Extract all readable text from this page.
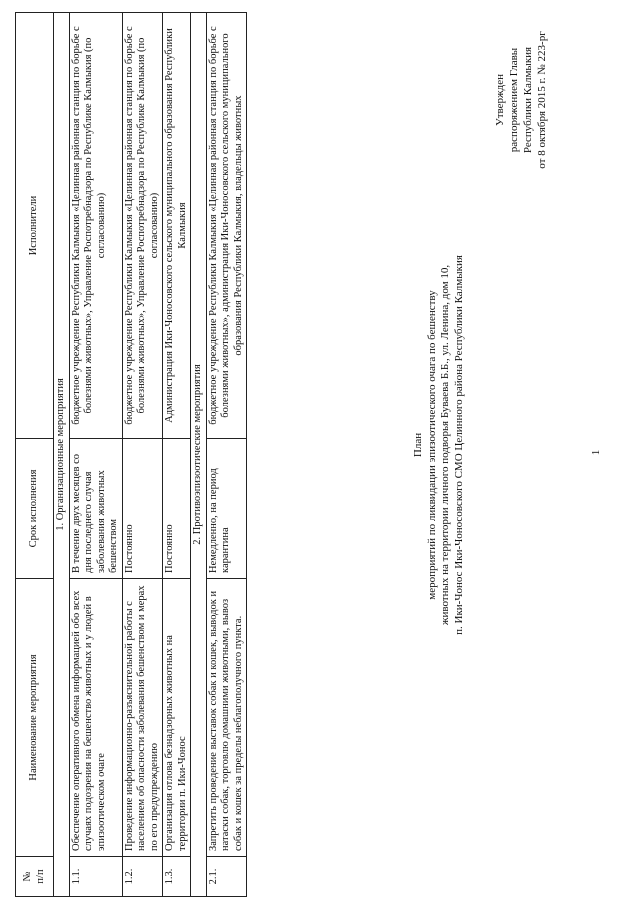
1
Утвержден распоряжением Главы Республики Калмыкия от 8 октября 2015 г. № 223-рг
План мероприятий по ликвидации эпизоотического очага по бешенству животных на территории личного подворья Буваева Б.Б., ул. Ленина, дом 10, п. Ики-Чонос Ики-Чоносовского СМО Целинного района Республики Калмыкия
№
п/п	Наименование мероприятия	Срок исполнения	Исполнители
1. Организационные мероприятия			
1.1.	Обеспечение оперативного обмена информацией обо всех случаях подозрения на бешенство животных и у людей в эпизоотическом очаге	В течение двух месяцев со дня последнего случая заболевания животных бешенством	бюджетное учреждение Республики Калмыкия «Целинная районная станция по борьбе с болезнями животных», Управление Роспотребнадзора по Республике Калмыкия (по согласованию)
1.2.	Проведение информационно-разъяснительной работы с населением об опасности заболевания бешенством и мерах по его предупреждению	Постоянно	бюджетное учреждение Республики Калмыкия «Целинная районная станция по борьбе с болезнями животных», Управление Роспотребнадзора по Республике Калмыкия (по согласованию)
1.3.	Организация отлова безнадзорных животных на территории п. Ики-Чонос	Постоянно	Администрация Ики-Чоносовского сельского муниципального образования Республики Калмыкия
2. Противоэпизоотические мероприятия			
2.1.	Запретить проведение выставок собак и кошек, выводок и натаски собак, торговлю домашними животными, вывоз собак и кошек за пределы неблагополучного пункта.	Немедленно, на период карантина	бюджетное учреждение Республики Калмыкия «Целинная районная станция по борьбе с болезнями животных», администрация Ики-Чоносовского сельского муниципального образования Республики Калмыкия, владельцы животных
